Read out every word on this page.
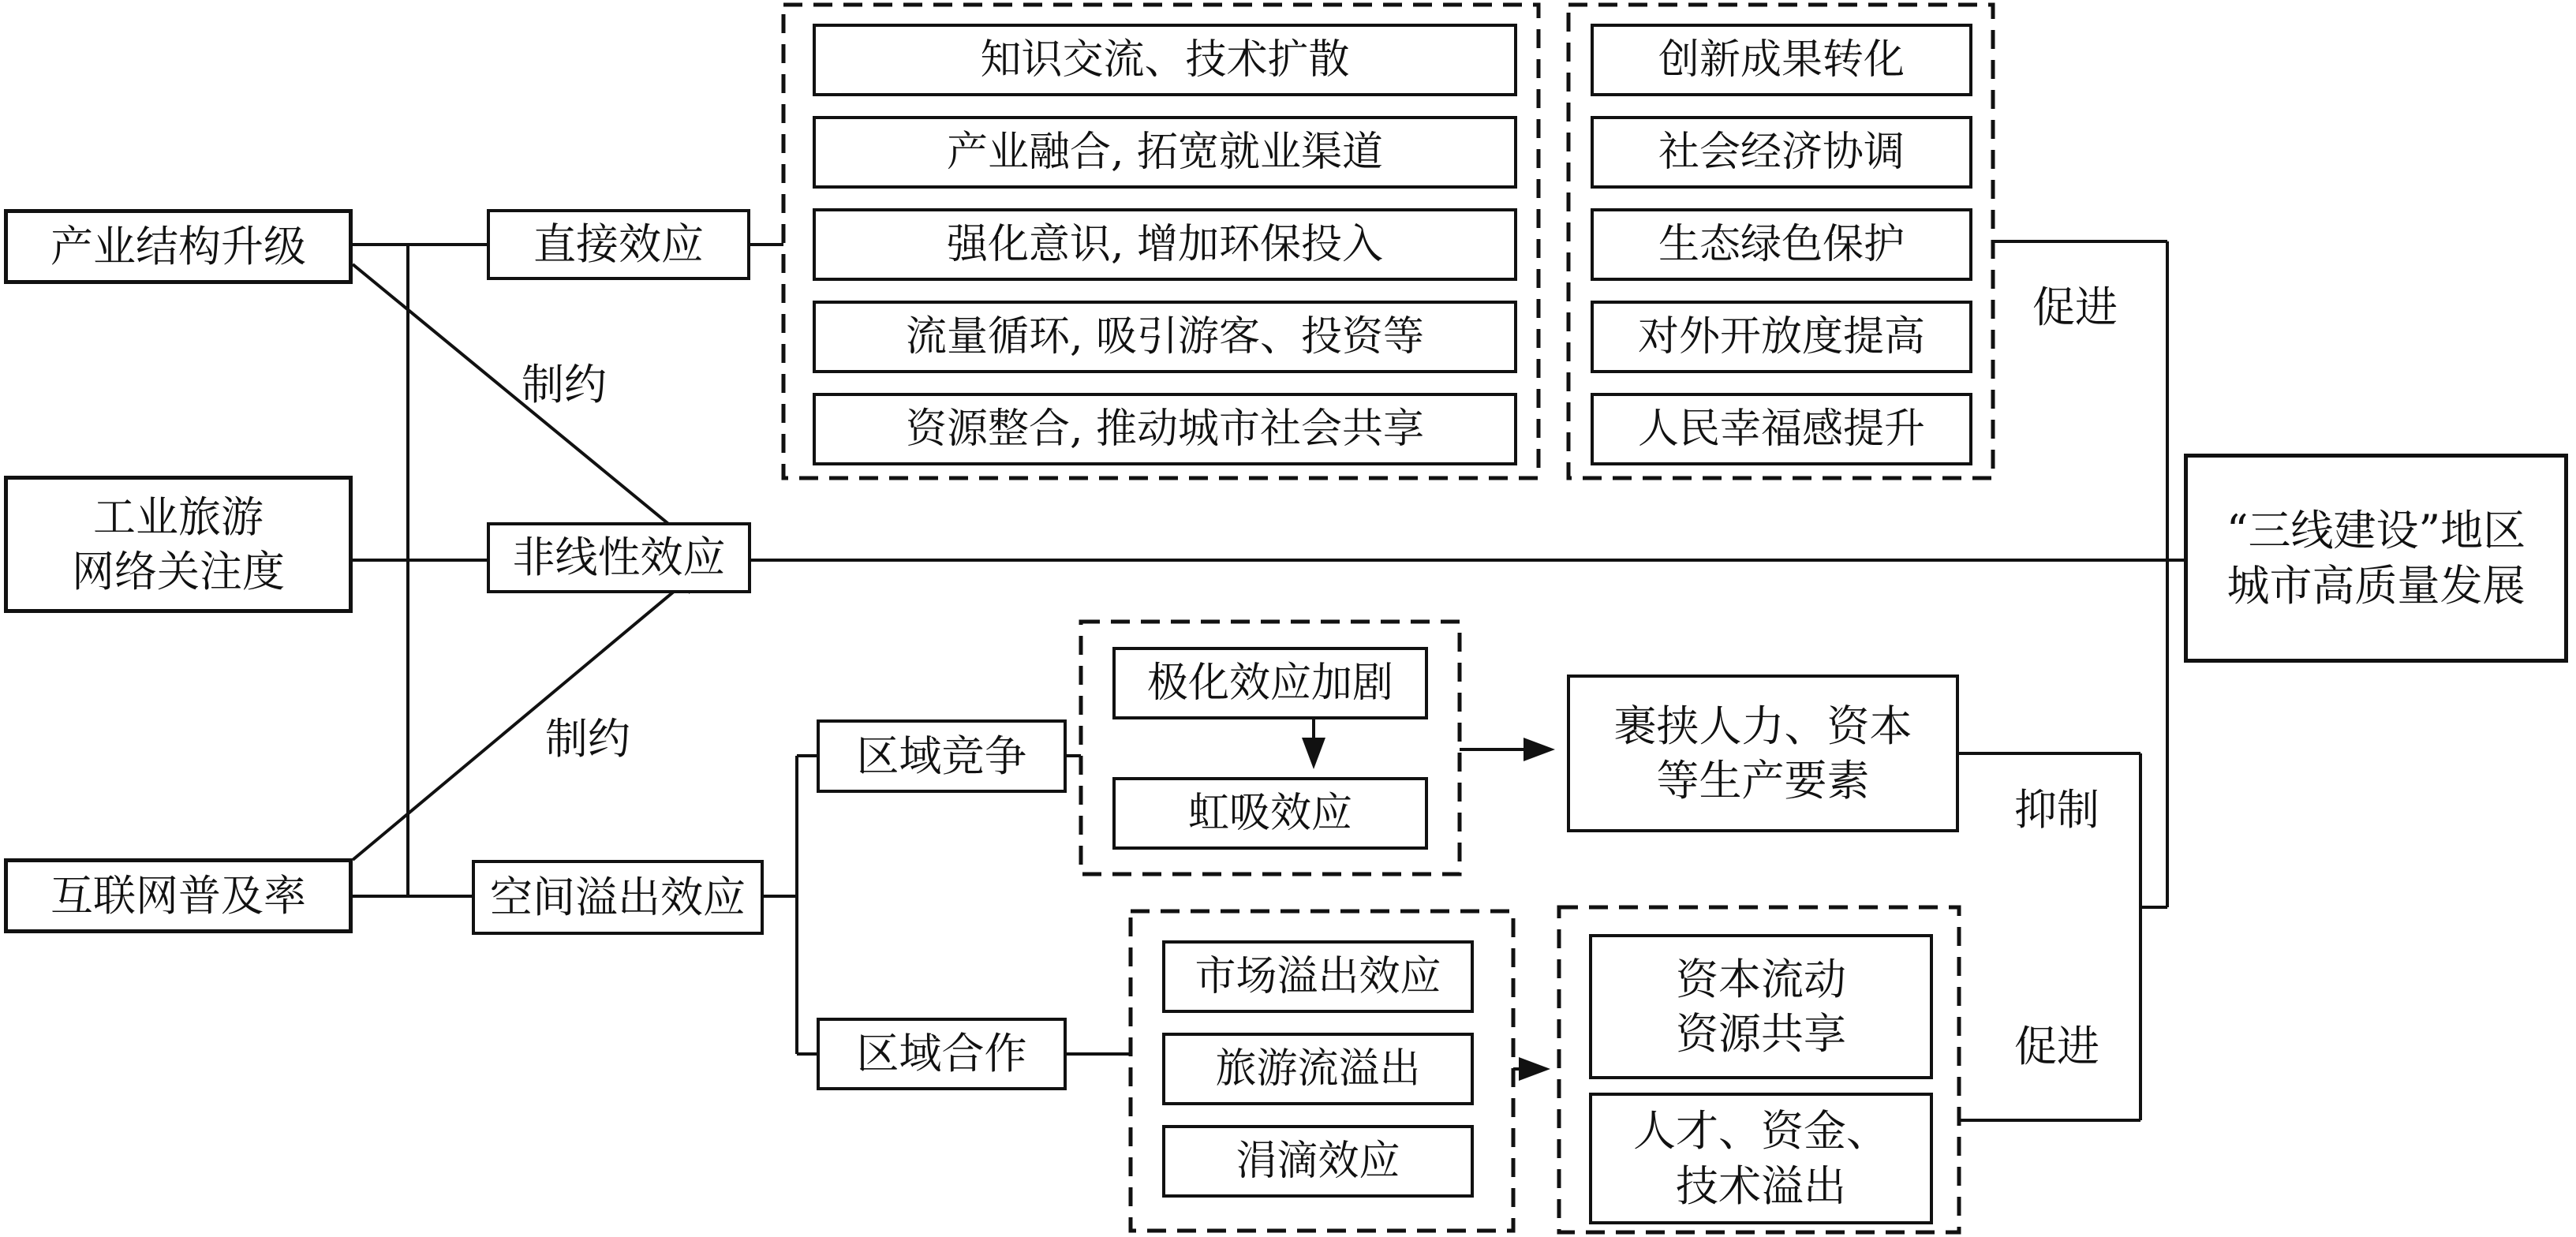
产业结构升级
工业旅游
网络关注度
互联网普及率
直接效应
非线性效应
空间溢出效应
知识交流、技术扩散
产业融合, 拓宽就业渠道
强化意识, 增加环保投入
流量循环, 吸引游客、投资等
资源整合, 推动城市社会共享
创新成果转化
社会经济协调
生态绿色保护
对外开放度提高
人民幸福感提升
区域竞争
极化效应加剧
虹吸效应
裹挟人力、资本
等生产要素
区域合作
市场溢出效应
旅游流溢出
涓滴效应
资本流动
资源共享
人才、资金、
技术溢出
“三线建设”地区
城市高质量发展
制约
制约
促进
抑制
促进
